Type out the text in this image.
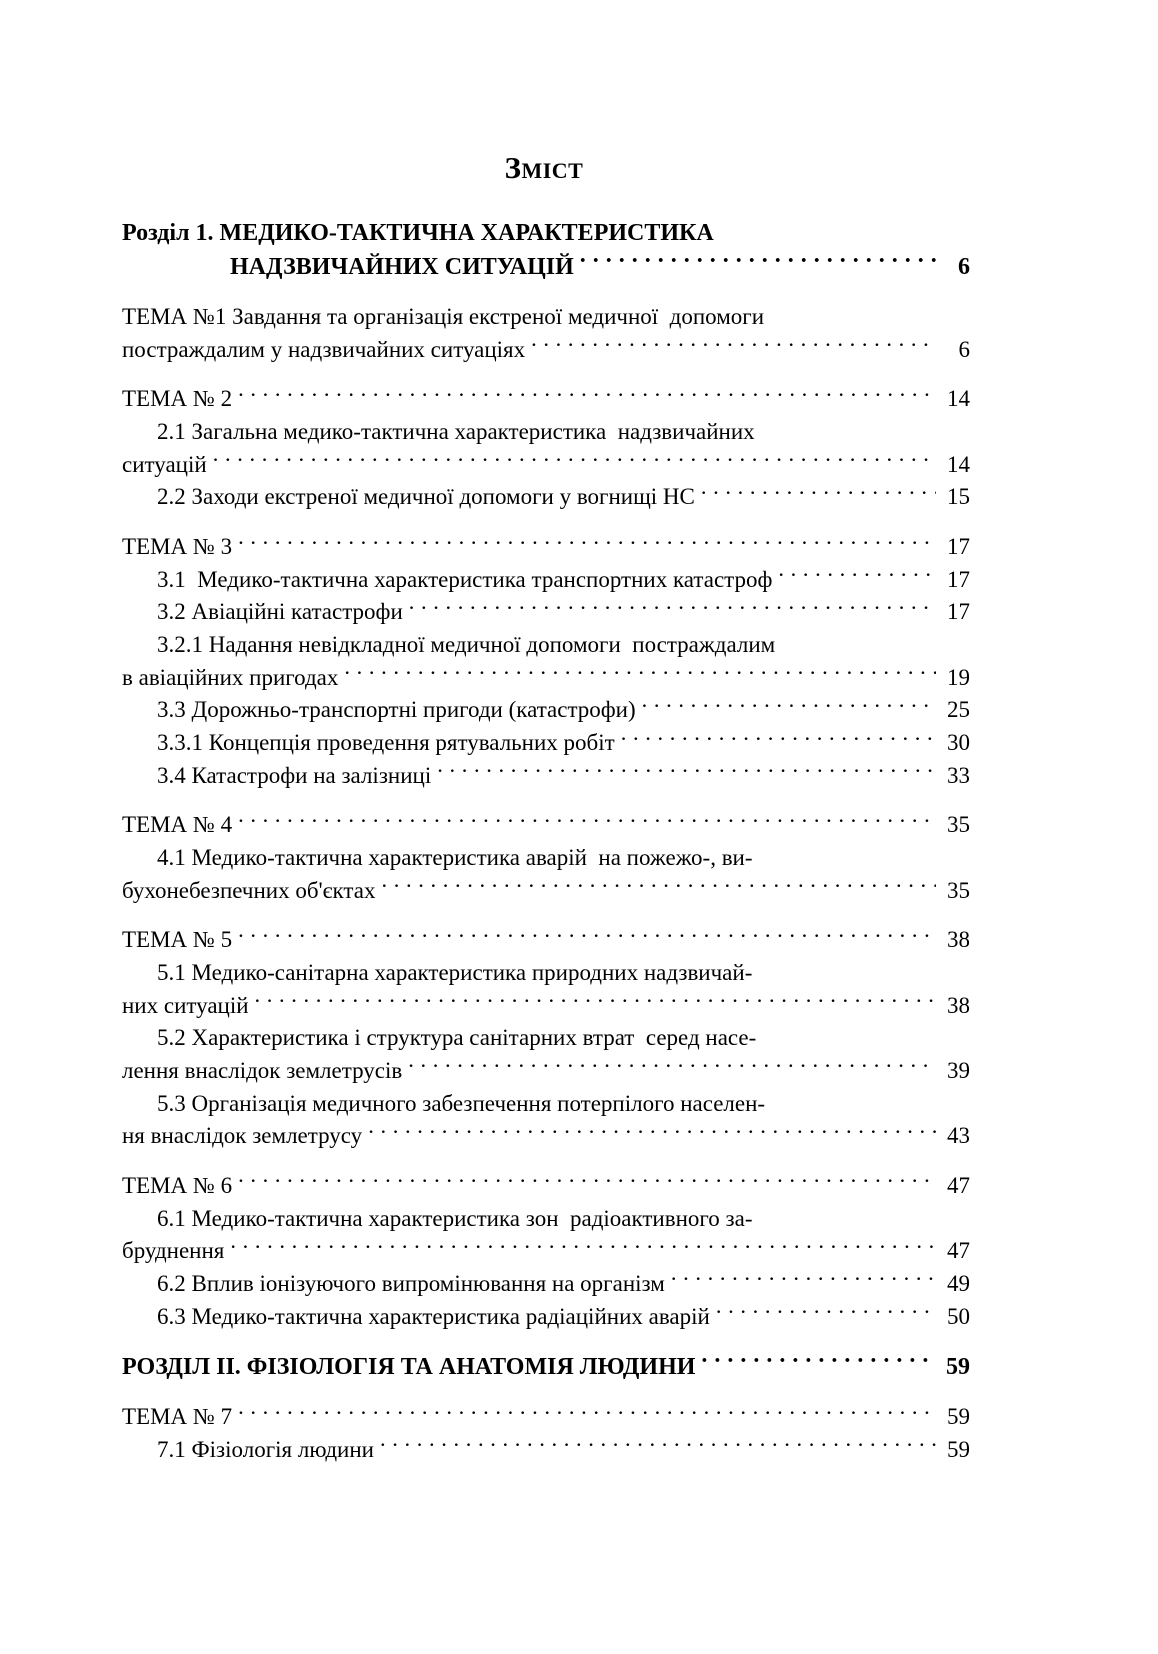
Зміст
Розділ 1. МЕДИКО-ТАКТИЧНА ХАРАКТЕРИСТИКА
НАДЗВИЧАЙНИХ СИТУАЦІЙ . . .	6
ТЕМА №1 Завдання та організація екстреної медичної  допомоги
постраждалим у надзвичайних ситуаціях . . .	6
ТЕМА № 2 . . .	14
2.1 Загальна медико-тактична характеристика  надзвичайних
ситуацій . . .	14
2.2 Заходи екстреної медичної допомоги у вогнищі НС . . .	15
ТЕМА № 3 . . .	17
3.1  Медико-тактична характеристика транспортних катастроф . . .	17
3.2 Авіаційні катастрофи . . .	17
3.2.1 Надання невідкладної медичної допомоги  постраждалим
в авіаційних пригодах . . .	19
3.3 Дорожньо-транспортні пригоди (катастрофи) . . .	25
3.3.1 Концепція проведення рятувальних робіт . . .	30
3.4 Катастрофи на залізниці . . .	33
ТЕМА № 4 . . .	35
4.1 Медико-тактична характеристика аварій  на пожежо-, ви-
бухонебезпечних об'єктах . . .	35
ТЕМА № 5 . . .	38
5.1 Медико-санітарна характеристика природних надзвичай-
них ситуацій . . .	38
5.2 Характеристика і структура санітарних втрат  серед насе-
лення внаслідок землетрусів . . .	39
5.3 Організація медичного забезпечення потерпілого населен-
ня внаслідок землетрусу . . .	43
ТЕМА № 6 . . .	47
6.1 Медико-тактична характеристика зон  радіоактивного за-
бруднення . . .	47
6.2 Вплив іонізуючого випромінювання на організм . . .	49
6.3 Медико-тактична характеристика радіаційних аварій . . .	50
РОЗДІЛ ІІ. ФІЗІОЛОГІЯ ТА АНАТОМІЯ ЛЮДИНИ . . .	59
ТЕМА № 7 . . .	59
7.1 Фізіологія людини . . .	59
